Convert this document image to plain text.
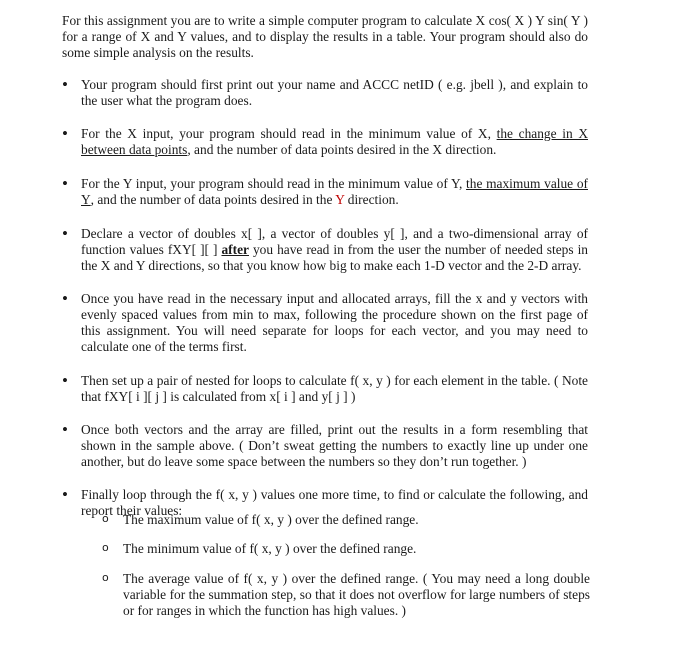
For this assignment you are to write a simple computer program to calculate X cos( X ) Y sin( Y ) for a range of X and Y values, and to display the results in a table. Your program should also do some simple analysis on the results.

• Your program should first print out your name and ACCC netID ( e.g. jbell ), and explain to the user what the program does.
• For the X input, your program should read in the minimum value of X, the change in X between data points, and the number of data points desired in the X direction.
• For the Y input, your program should read in the minimum value of Y, the maximum value of Y, and the number of data points desired in the Y direction.
• Declare a vector of doubles x[ ], a vector of doubles y[ ], and a two-dimensional array of function values fXY[ ][ ] after you have read in from the user the number of needed steps in the X and Y directions, so that you know how big to make each 1-D vector and the 2-D array.
• Once you have read in the necessary input and allocated arrays, fill the x and y vectors with evenly spaced values from min to max, following the procedure shown on the first page of this assignment. You will need separate for loops for each vector, and you may need to calculate one of the terms first.
• Then set up a pair of nested for loops to calculate f( x, y ) for each element in the table. ( Note that fXY[ i ][ j ] is calculated from x[ i ] and y[ j ] )
• Once both vectors and the array are filled, print out the results in a form resembling that shown in the sample above. ( Don’t sweat getting the numbers to exactly line up under one another, but do leave some space between the numbers so they don’t run together. )
• Finally loop through the f( x, y ) values one more time, to find or calculate the following, and report their values:
o The maximum value of f( x, y ) over the defined range.
o The minimum value of f( x, y ) over the defined range.
o The average value of f( x, y ) over the defined range. ( You may need a long double variable for the summation step, so that it does not overflow for large numbers of steps or for ranges in which the function has high values. )
